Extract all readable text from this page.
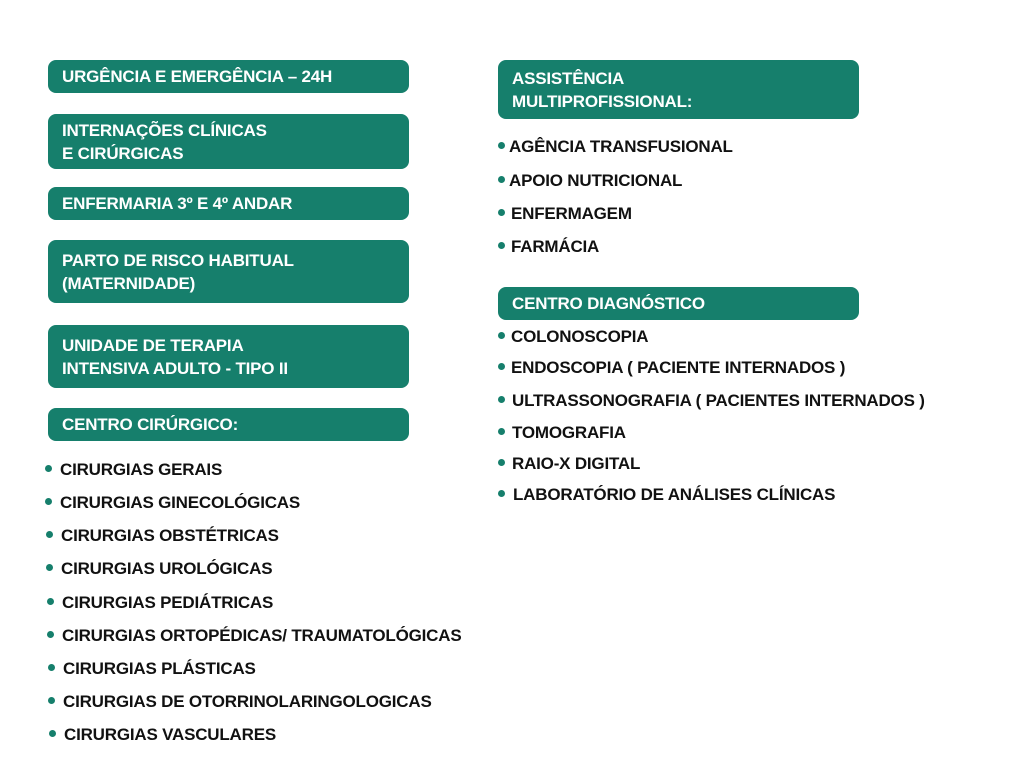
URGÊNCIA E EMERGÊNCIA – 24H
INTERNAÇÕES CLÍNICAS
E CIRÚRGICAS
ENFERMARIA 3º E 4º ANDAR
PARTO DE RISCO HABITUAL
(MATERNIDADE)
UNIDADE DE TERAPIA
INTENSIVA ADULTO - TIPO II
CENTRO CIRÚRGICO:
CIRURGIAS GERAIS
CIRURGIAS GINECOLÓGICAS
CIRURGIAS OBSTÉTRICAS
CIRURGIAS UROLÓGICAS
CIRURGIAS PEDIÁTRICAS
CIRURGIAS ORTOPÉDICAS/ TRAUMATOLÓGICAS
CIRURGIAS PLÁSTICAS
CIRURGIAS DE OTORRINOLARINGOLOGICAS
CIRURGIAS VASCULARES
ASSISTÊNCIA
MULTIPROFISSIONAL:
AGÊNCIA TRANSFUSIONAL
APOIO NUTRICIONAL
ENFERMAGEM
FARMÁCIA
CENTRO DIAGNÓSTICO
COLONOSCOPIA
ENDOSCOPIA ( PACIENTE INTERNADOS )
ULTRASSONOGRAFIA ( PACIENTES INTERNADOS )
TOMOGRAFIA
RAIO-X DIGITAL
LABORATÓRIO DE ANÁLISES CLÍNICAS
